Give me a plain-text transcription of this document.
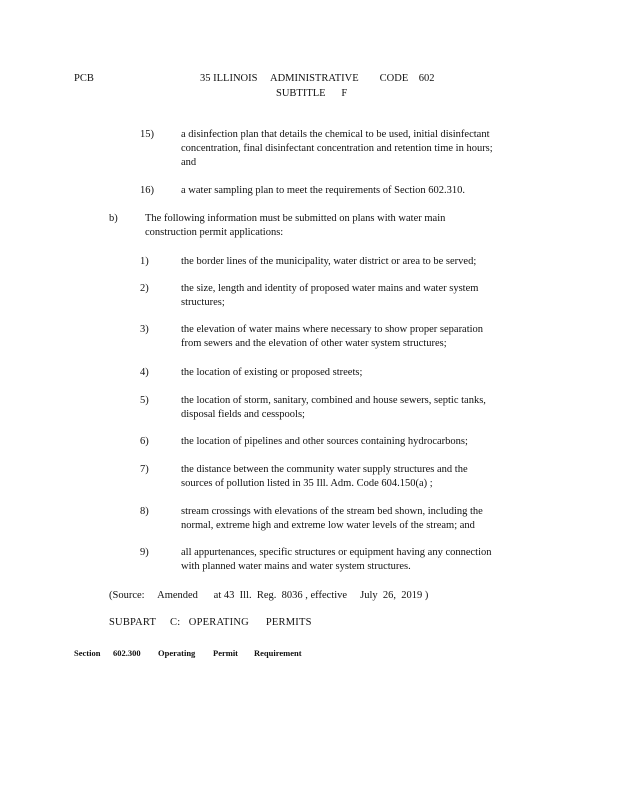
PCB	35 ILLINOIS     ADMINISTRATIVE        CODE    602
SUBTITLE      F
15)	a disinfection plan that details the chemical to be used, initial disinfectant
concentration, final disinfectant concentration and retention time in hours;
and
16)	a water sampling plan to meet the requirements of Section 602.310.
b)	The following information must be submitted on plans with water main
construction permit applications:
1)	the border lines of the municipality, water district or area to be served;
2)	the size, length and identity of proposed water mains and water system
structures;
3)	the elevation of water mains where necessary to show proper separation
from sewers and the elevation of other water system structures;
4)	the location of existing or proposed streets;
5)	the location of storm, sanitary, combined and house sewers, septic tanks,
disposal fields and cesspools;
6)	the location of pipelines and other sources containing hydrocarbons;
7)	the distance between the community water supply structures and the
sources of pollution listed in 35 Ill. Adm. Code 604.150(a) ;
8)	stream crossings with elevations of the stream bed shown, including the
normal, extreme high and extreme low water levels of the stream; and
9)	all appurtenances, specific structures or equipment having any connection
with planned water mains and water system structures.
(Source:     Amended      at 43  Ill.  Reg.  8036 , effective     July  26,  2019 )
SUBPART     C:   OPERATING      PERMITS
Section 602.300 Operating Permit Requirement
